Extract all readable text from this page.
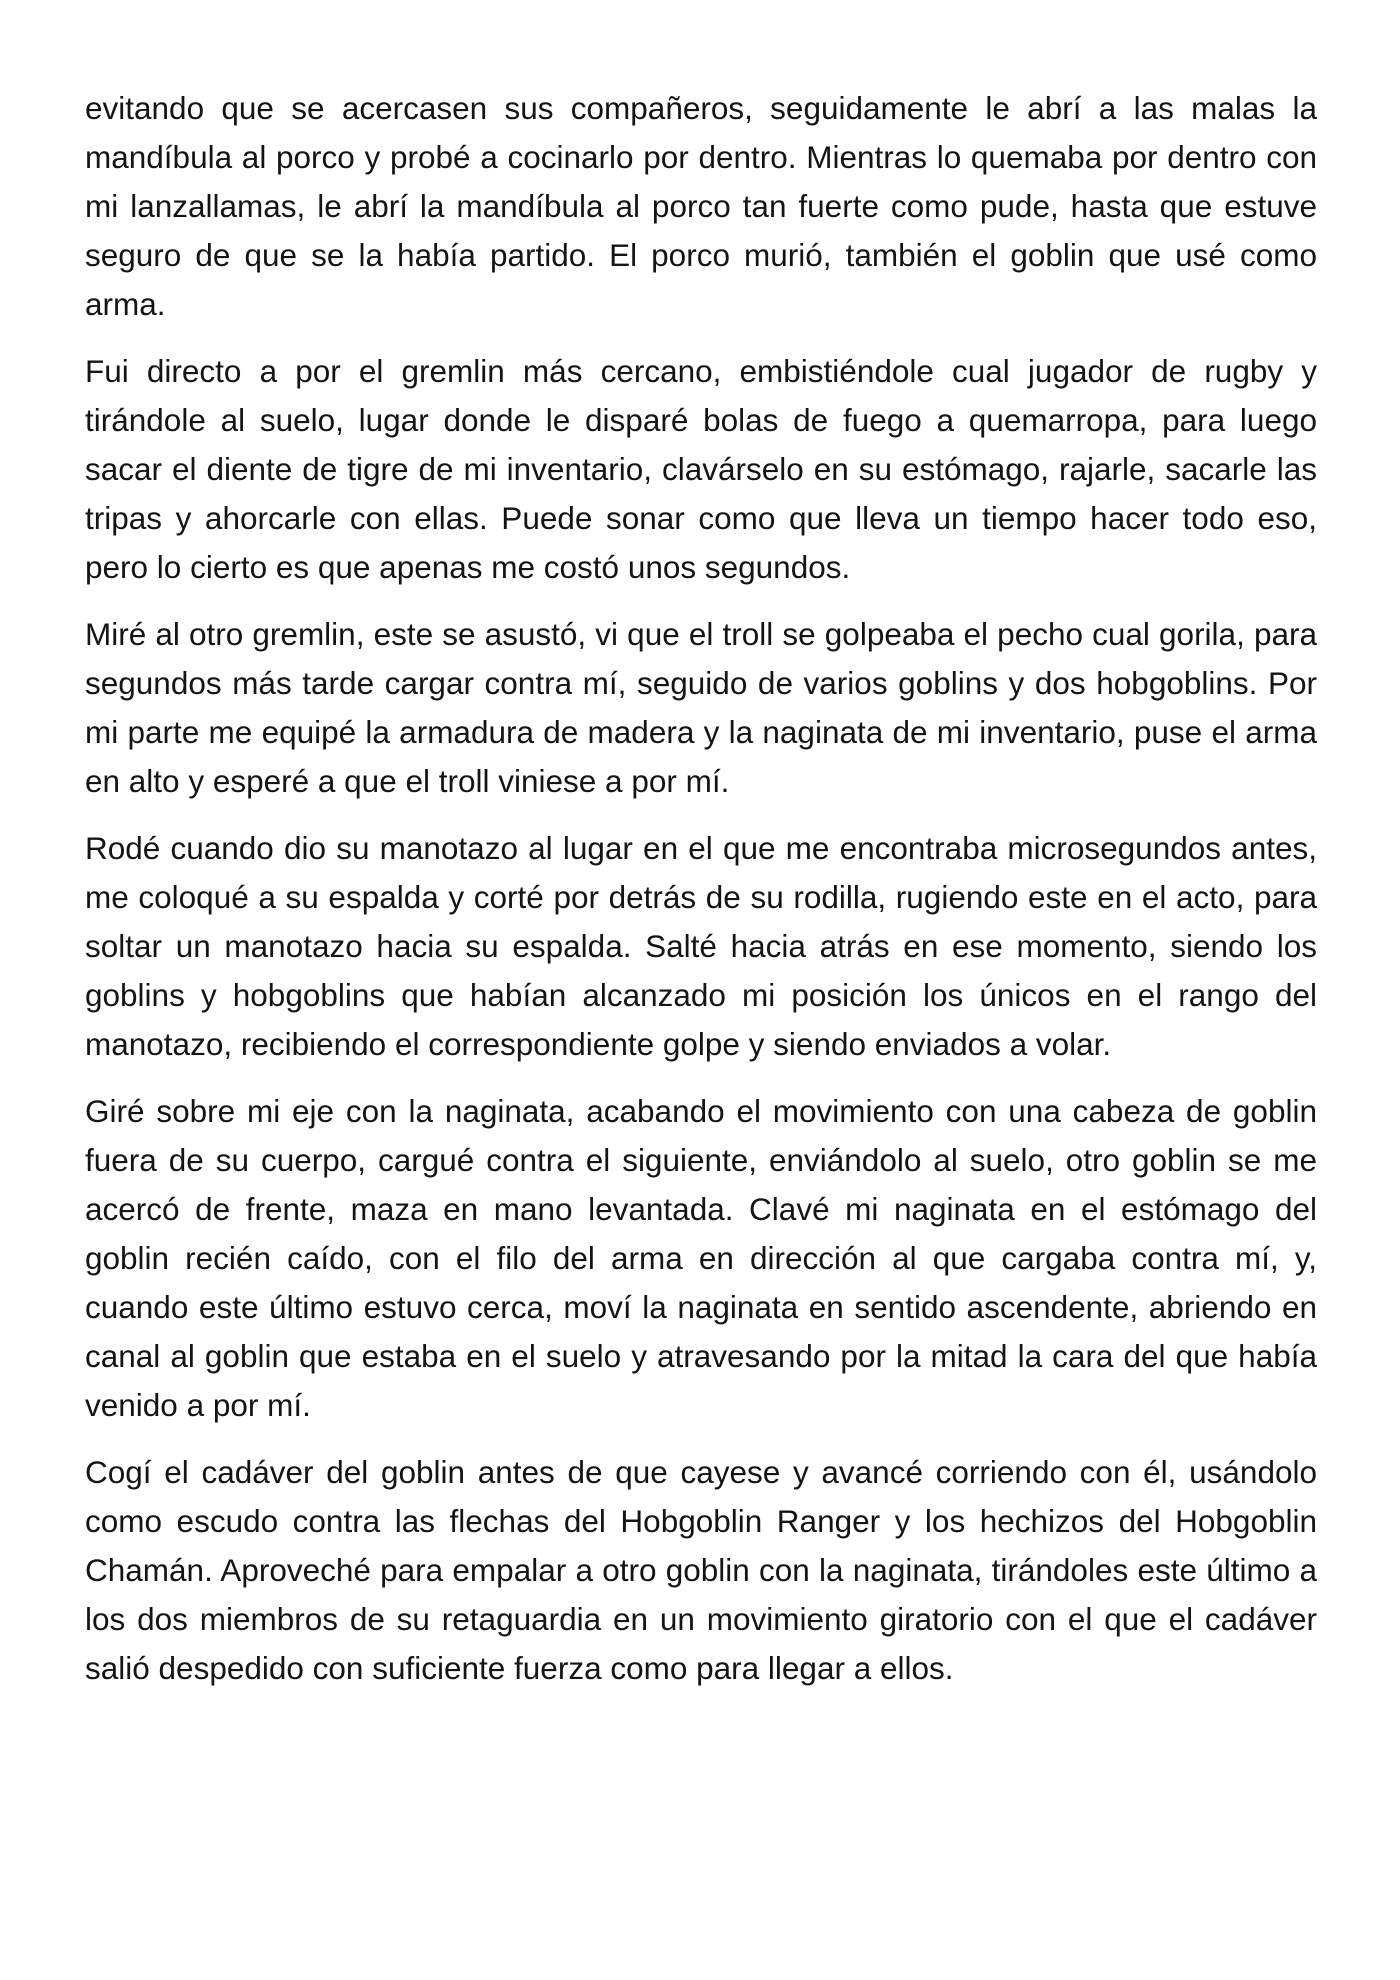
evitando que se acercasen sus compañeros, seguidamente le abrí a las malas la mandíbula al porco y probé a cocinarlo por dentro. Mientras lo quemaba por dentro con mi lanzallamas, le abrí la mandíbula al porco tan fuerte como pude, hasta que estuve seguro de que se la había partido. El porco murió, también el goblin que usé como arma.

Fui directo a por el gremlin más cercano, embistiéndole cual jugador de rugby y tirándole al suelo, lugar donde le disparé bolas de fuego a quemarropa, para luego sacar el diente de tigre de mi inventario, clavárselo en su estómago, rajarle, sacarle las tripas y ahorcarle con ellas. Puede sonar como que lleva un tiempo hacer todo eso, pero lo cierto es que apenas me costó unos segundos.

Miré al otro gremlin, este se asustó, vi que el troll se golpeaba el pecho cual gorila, para segundos más tarde cargar contra mí, seguido de varios goblins y dos hobgoblins. Por mi parte me equipé la armadura de madera y la naginata de mi inventario, puse el arma en alto y esperé a que el troll viniese a por mí.

Rodé cuando dio su manotazo al lugar en el que me encontraba microsegundos antes, me coloqué a su espalda y corté por detrás de su rodilla, rugiendo este en el acto, para soltar un manotazo hacia su espalda. Salté hacia atrás en ese momento, siendo los goblins y hobgoblins que habían alcanzado mi posición los únicos en el rango del manotazo, recibiendo el correspondiente golpe y siendo enviados a volar.

Giré sobre mi eje con la naginata, acabando el movimiento con una cabeza de goblin fuera de su cuerpo, cargué contra el siguiente, enviándolo al suelo, otro goblin se me acercó de frente, maza en mano levantada. Clavé mi naginata en el estómago del goblin recién caído, con el filo del arma en dirección al que cargaba contra mí, y, cuando este último estuvo cerca, moví la naginata en sentido ascendente, abriendo en canal al goblin que estaba en el suelo y atravesando por la mitad la cara del que había venido a por mí.

Cogí el cadáver del goblin antes de que cayese y avancé corriendo con él, usándolo como escudo contra las flechas del Hobgoblin Ranger y los hechizos del Hobgoblin Chamán. Aproveché para empalar a otro goblin con la naginata, tirándoles este último a los dos miembros de su retaguardia en un movimiento giratorio con el que el cadáver salió despedido con suficiente fuerza como para llegar a ellos.
